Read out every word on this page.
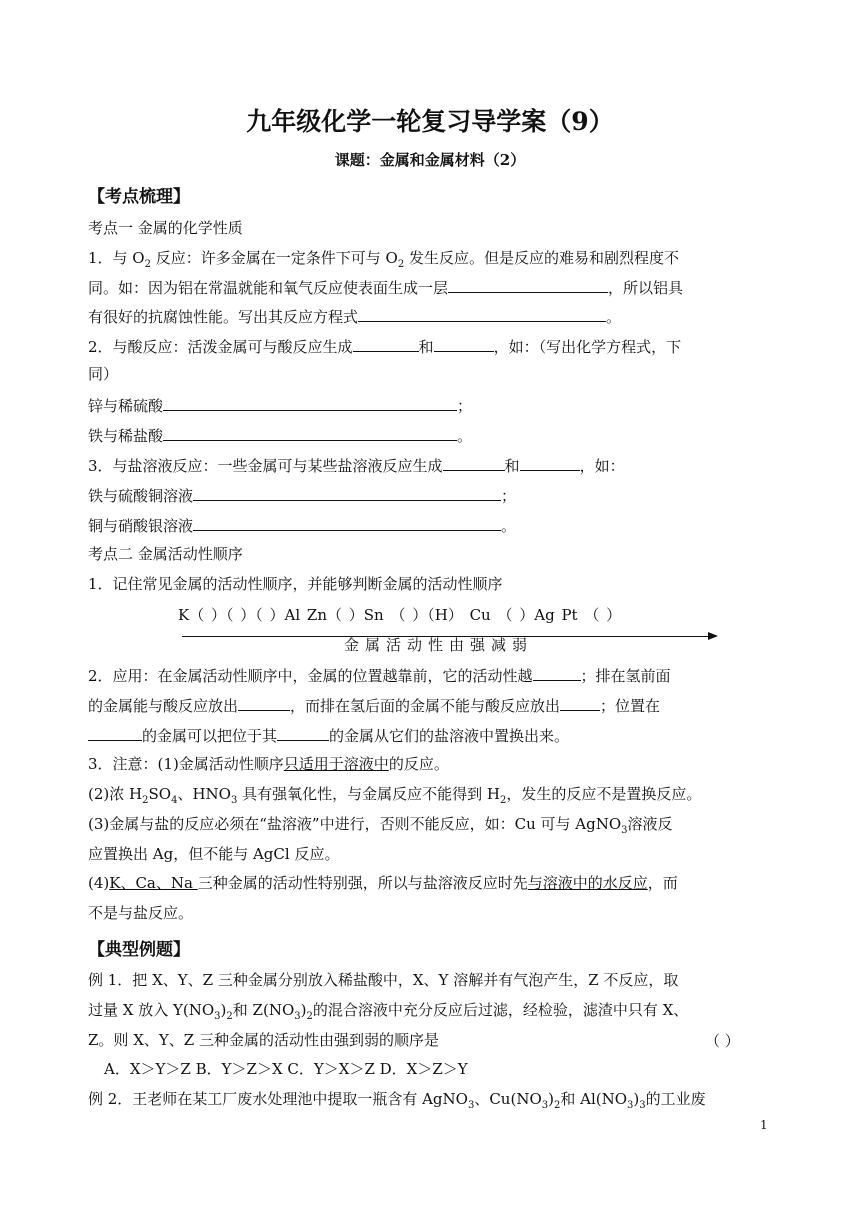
九年级化学一轮复习导学案（9）
课题：金属和金属材料（2）
【考点梳理】
考点一 金属的化学性质
1．与 $O_2$ 反应：许多金属在一定条件下可与 $O_2$ 发生反应。但是反应的难易和剧烈程度不
同。如：因为铝在常温就能和氧气反应使表面生成一层	，所以铝具
有很好的抗腐蚀性能。写出其反应方程式	。
2．与酸反应：活泼金属可与酸反应生成	和	，如：（写出化学方程式，下
同）
锌与稀硫酸	；
铁与稀盐酸	。
3．与盐溶液反应：一些金属可与某些盐溶液反应生成	和	，如：
铁与硫酸铜溶液	；
铜与硝酸银溶液	。
考点二 金属活动性顺序
1．记住常见金属的活动性顺序，并能够判断金属的活动性顺序
K（ ）（ ）（ ）Al Zn（ ）Sn （ ）（H） Cu （ ）Ag Pt （ ）
金属活动性由强减弱
2．应用：在金属活动性顺序中，金属的位置越靠前，它的活动性越	；排在氢前面
的金属能与酸反应放出	，而排在氢后面的金属不能与酸反应放出	；位置在
的金属可以把位于其	的金属从它们的盐溶液中置换出来。
3．注意：(1)金属活动性顺序只适用于溶液中的反应。
(2)浓 $H_2SO_4$、$HNO_3$ 具有强氧化性，与金属反应不能得到 $H_2$，发生的反应不是置换反应。
(3)金属与盐的反应必须在“盐溶液”中进行，否则不能反应，如：Cu 可与 AgNO$_3$溶液反
应置换出 Ag，但不能与 AgCl 反应。
(4)K、Ca、Na 三种金属的活动性特别强，所以与盐溶液反应时先与溶液中的水反应，而
不是与盐反应。
【典型例题】
例 1．把 X、Y、Z 三种金属分别放入稀盐酸中，X、Y 溶解并有气泡产生，Z 不反应，取
过量 X 放入 $Y(NO_3)_2$和 $Z(NO_3)_2$的混合溶液中充分反应后过滤，经检验，滤渣中只有 X、
Z。则 X、Y、Z 三种金属的活动性由强到弱的顺序是	（ ）
A．X＞Y＞Z B．Y＞Z＞X C．Y＞X＞Z D．X＞Z＞Y
例 2．王老师在某工厂废水处理池中提取一瓶含有 AgNO$_3$、$Cu(NO_3)_2$和 $Al(NO_3)_3$的工业废
1
